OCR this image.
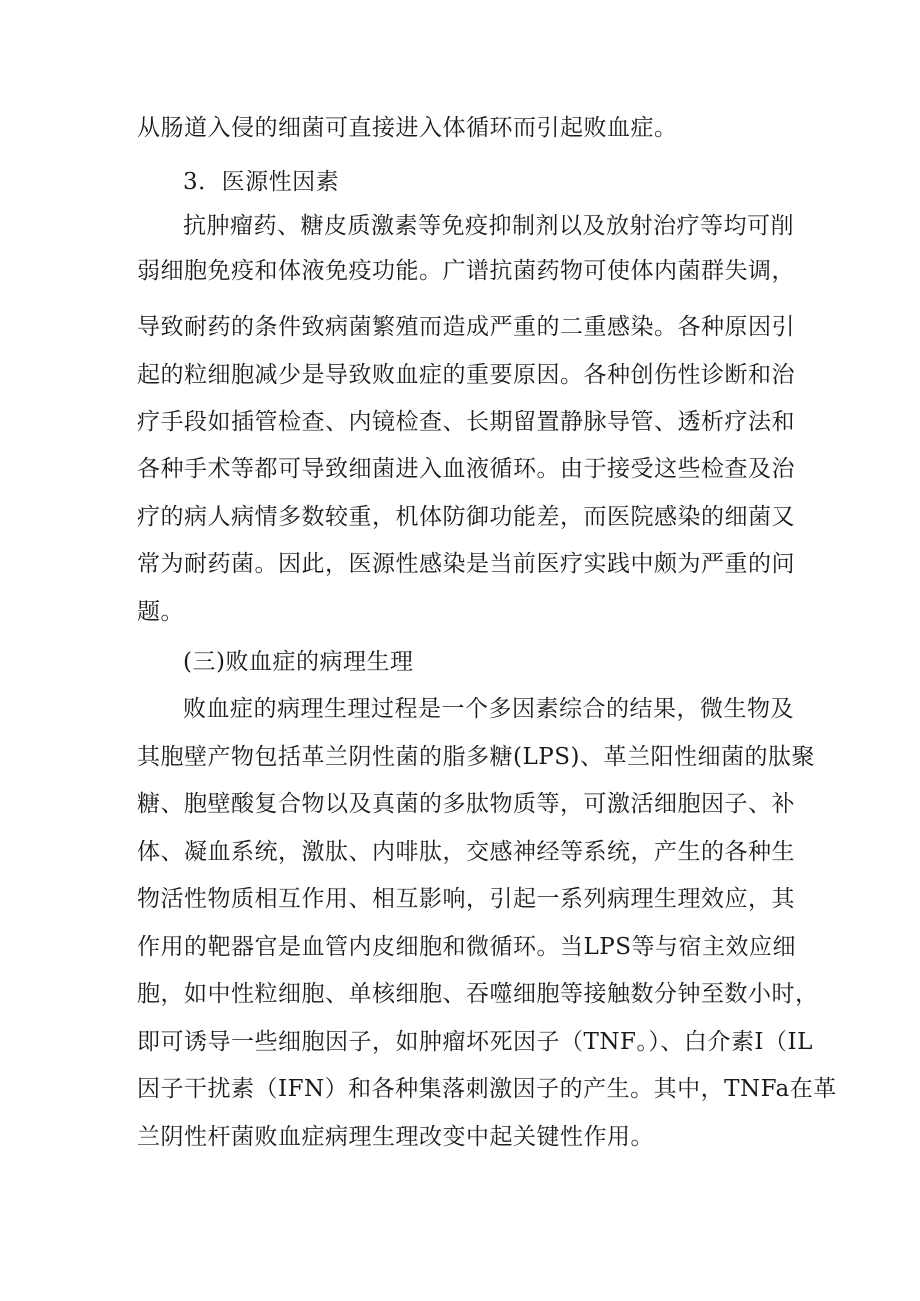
从肠道入侵的细菌可直接进入体循环而引起败血症。
3．医源性因素
抗肿瘤药、糖皮质激素等免疫抑制剂以及放射治疗等均可削
弱细胞免疫和体液免疫功能。广谱抗菌药物可使体内菌群失调，
导致耐药的条件致病菌繁殖而造成严重的二重感染。各种原因引
起的粒细胞减少是导致败血症的重要原因。各种创伤性诊断和治
疗手段如插管检查、内镜检查、长期留置静脉导管、透析疗法和
各种手术等都可导致细菌进入血液循环。由于接受这些检查及治
疗的病人病情多数较重，机体防御功能差，而医院感染的细菌又
常为耐药菌。因此，医源性感染是当前医疗实践中颇为严重的问
题。
(三)败血症的病理生理
败血症的病理生理过程是一个多因素综合的结果，微生物及
其胞壁产物包括革兰阴性菌的脂多糖(LPS)、革兰阳性细菌的肽聚
糖、胞壁酸复合物以及真菌的多肽物质等，可激活细胞因子、补
体、凝血系统，激肽、内啡肽，交感神经等系统，产生的各种生
物活性物质相互作用、相互影响，引起一系列病理生理效应，其
作用的靶器官是血管内皮细胞和微循环。当LPS等与宿主效应细
胞，如中性粒细胞、单核细胞、吞噬细胞等接触数分钟至数小时，
即可诱导一些细胞因子，如肿瘤坏死因子（TNF。）、白介素Ⅰ（IL
因子干扰素（IFN）和各种集落刺激因子的产生。其中，TNFa在革
兰阴性杆菌败血症病理生理改变中起关键性作用。
